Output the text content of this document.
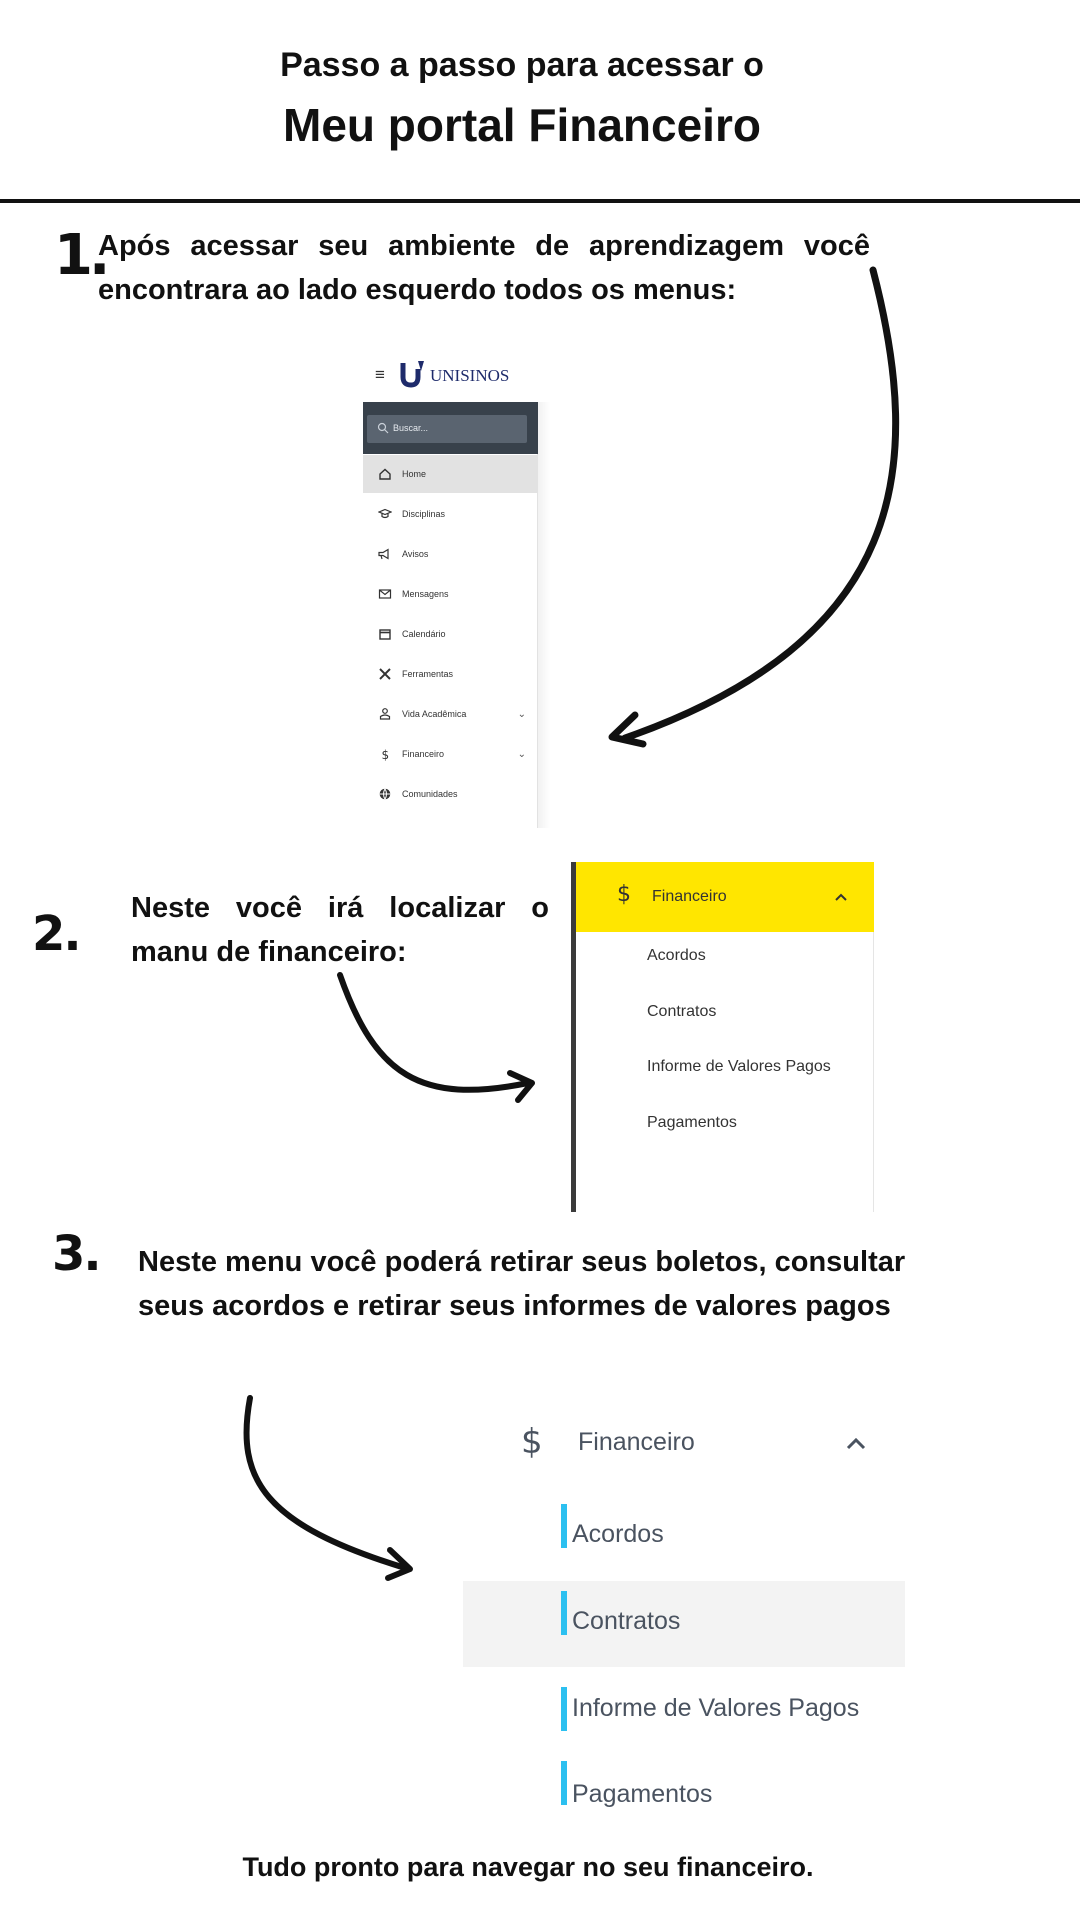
Passo a passo para acessar o
Meu portal Financeiro
1.
Após acessar seu ambiente de aprendizagem você
encontrara ao lado esquerdo todos os menus:
≡	UNISINOS
Buscar...
Home
Disciplinas
Avisos
Mensagens
Calendário
Ferramentas
Vida Acadêmica	⌄
$ Financeiro	⌄
Comunidades
2. Neste você irá localizar o
manu de financeiro:
$ Financeiro
Acordos
Contratos
Informe de Valores Pagos
Pagamentos
3. Neste menu você poderá retirar seus boletos, consultar
seus acordos e retirar seus informes de valores pagos
$ Financeiro
Acordos
Contratos
Informe de Valores Pagos
Pagamentos
Tudo pronto para navegar no seu financeiro.
